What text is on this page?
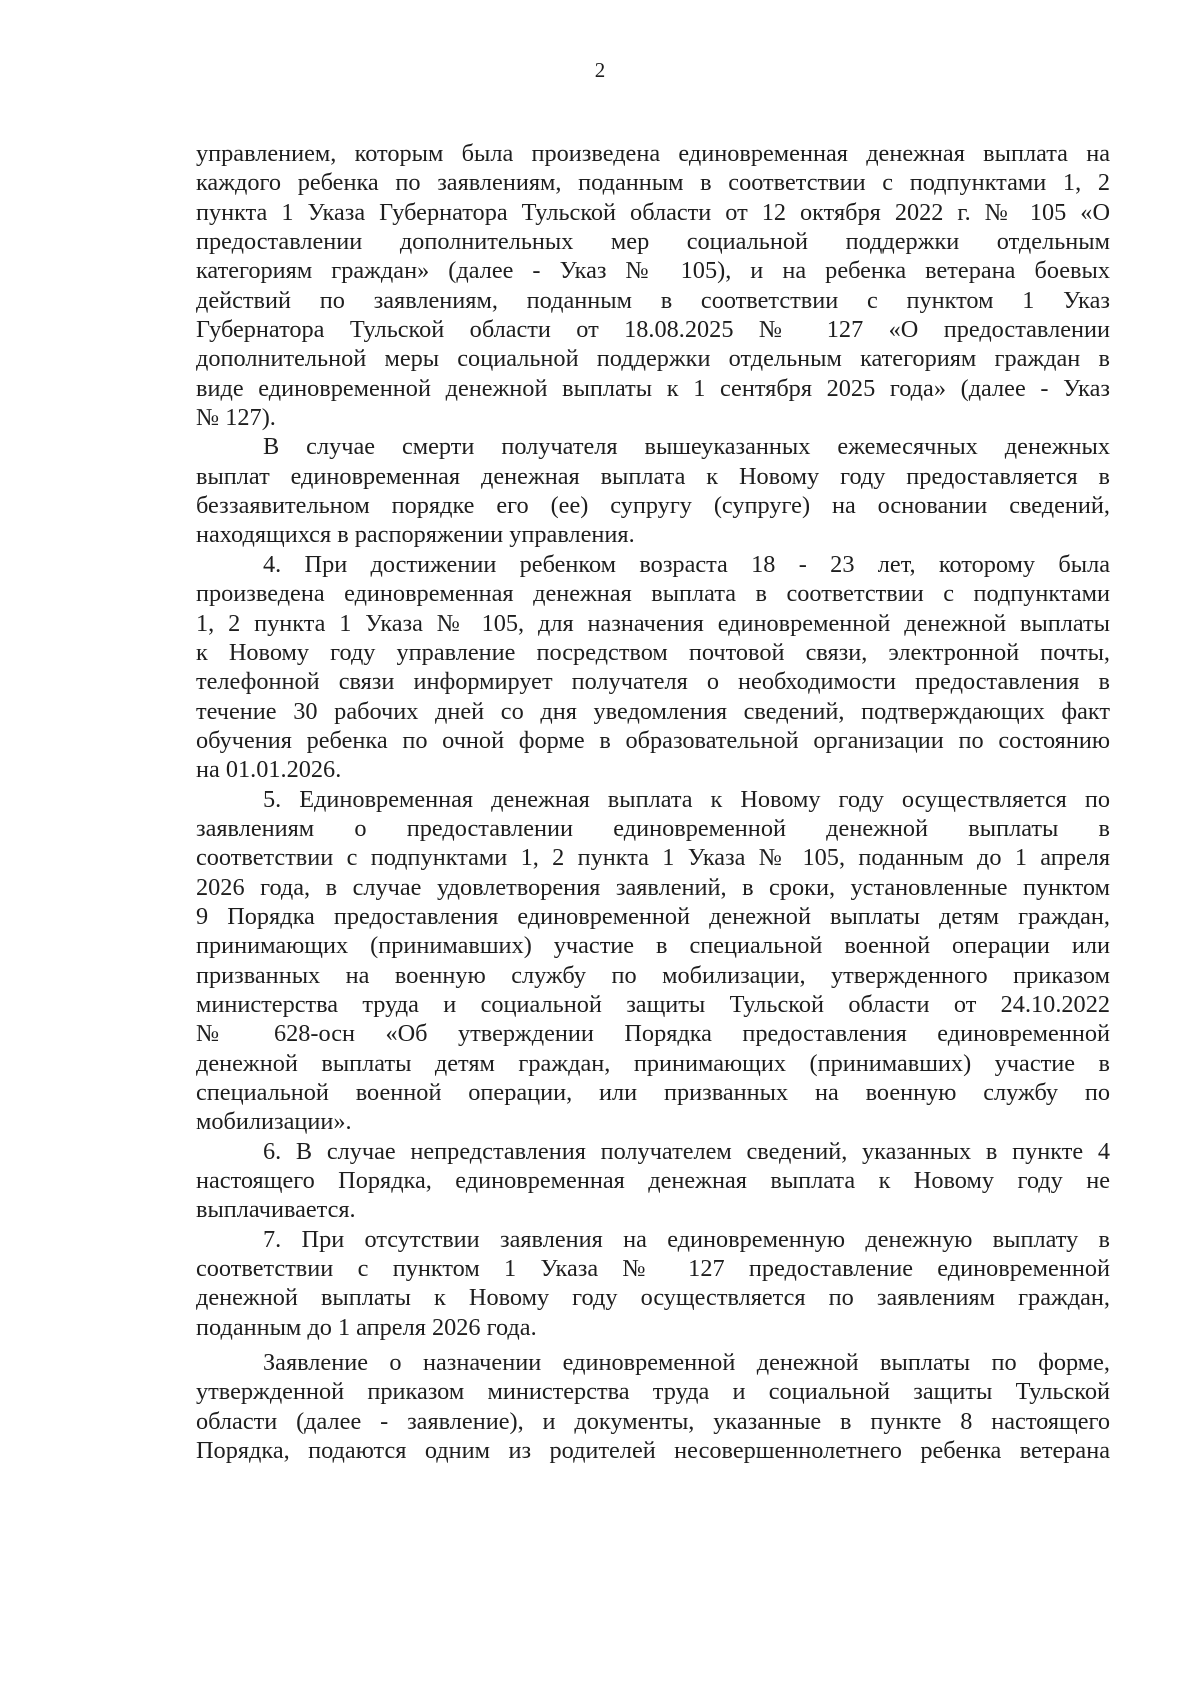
2

управлением, которым была произведена единовременная денежная выплата на
каждого ребенка по заявлениям, поданным в соответствии с подпунктами 1, 2
пункта 1 Указа Губернатора Тульской области от 12 октября 2022 г. № 105 «О
предоставлении дополнительных мер социальной поддержки отдельным
категориям граждан» (далее - Указ № 105), и на ребенка ветерана боевых
действий по заявлениям, поданным в соответствии с пунктом 1 Указ
Губернатора Тульской области от 18.08.2025 № 127 «О предоставлении
дополнительной меры социальной поддержки отдельным категориям граждан в
виде единовременной денежной выплаты к 1 сентября 2025 года» (далее - Указ
№ 127).

В случае смерти получателя вышеуказанных ежемесячных денежных
выплат единовременная денежная выплата к Новому году предоставляется в
беззаявительном порядке его (ее) супругу (супруге) на основании сведений,
находящихся в распоряжении управления.

4. При достижении ребенком возраста 18 - 23 лет, которому была
произведена единовременная денежная выплата в соответствии с подпунктами
1, 2 пункта 1 Указа № 105, для назначения единовременной денежной выплаты
к Новому году управление посредством почтовой связи, электронной почты,
телефонной связи информирует получателя о необходимости предоставления в
течение 30 рабочих дней со дня уведомления сведений, подтверждающих факт
обучения ребенка по очной форме в образовательной организации по состоянию
на 01.01.2026.

5. Единовременная денежная выплата к Новому году осуществляется по
заявлениям о предоставлении единовременной денежной выплаты в
соответствии с подпунктами 1, 2 пункта 1 Указа № 105, поданным до 1 апреля
2026 года, в случае удовлетворения заявлений, в сроки, установленные пунктом
9 Порядка предоставления единовременной денежной выплаты детям граждан,
принимающих (принимавших) участие в специальной военной операции или
призванных на военную службу по мобилизации, утвержденного приказом
министерства труда и социальной защиты Тульской области от 24.10.2022
№ 628-осн «Об утверждении Порядка предоставления единовременной
денежной выплаты детям граждан, принимающих (принимавших) участие в
специальной военной операции, или призванных на военную службу по
мобилизации».

6. В случае непредставления получателем сведений, указанных в пункте 4
настоящего Порядка, единовременная денежная выплата к Новому году не
выплачивается.

7. При отсутствии заявления на единовременную денежную выплату в
соответствии с пунктом 1 Указа № 127 предоставление единовременной
денежной выплаты к Новому году осуществляется по заявлениям граждан,
поданным до 1 апреля 2026 года.

Заявление о назначении единовременной денежной выплаты по форме,
утвержденной приказом министерства труда и социальной защиты Тульской
области (далее - заявление), и документы, указанные в пункте 8 настоящего
Порядка, подаются одним из родителей несовершеннолетнего ребенка ветерана
